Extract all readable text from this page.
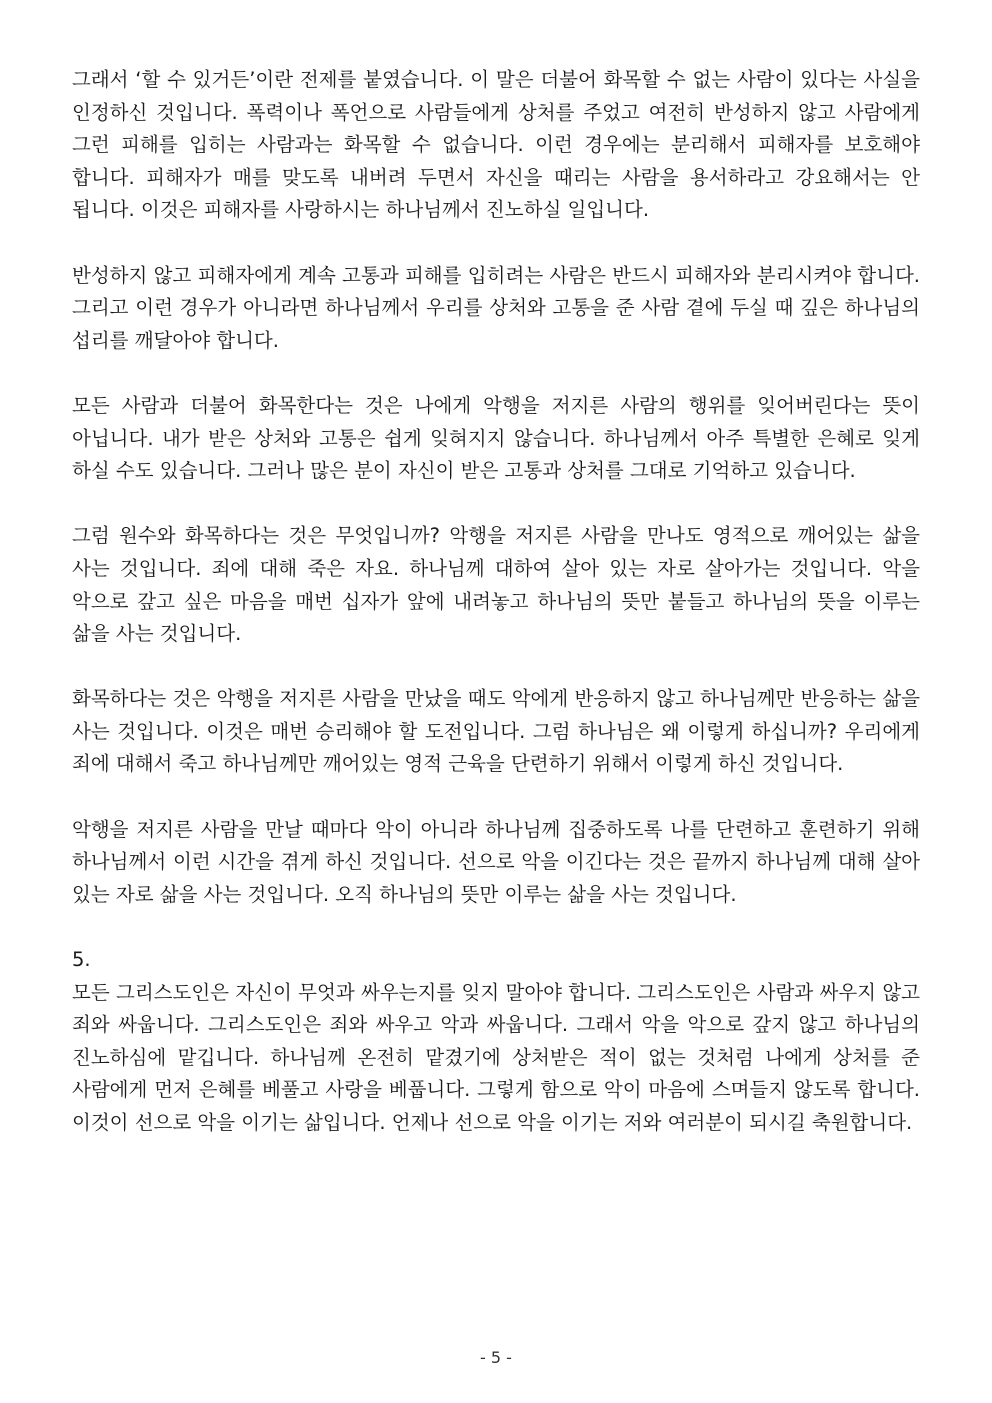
그래서 ‘할 수 있거든’이란 전제를 붙였습니다. 이 말은 더불어 화목할 수 없는 사람이 있다는 사실을 인정하신 것입니다. 폭력이나 폭언으로 사람들에게 상처를 주었고 여전히 반성하지 않고 사람에게 그런 피해를 입히는 사람과는 화목할 수 없습니다. 이런 경우에는 분리해서 피해자를 보호해야 합니다. 피해자가 매를 맞도록 내버려 두면서 자신을 때리는 사람을 용서하라고 강요해서는 안 됩니다. 이것은 피해자를 사랑하시는 하나님께서 진노하실 일입니다.

반성하지 않고 피해자에게 계속 고통과 피해를 입히려는 사람은 반드시 피해자와 분리시켜야 합니다. 그리고 이런 경우가 아니라면 하나님께서 우리를 상처와 고통을 준 사람 곁에 두실 때 깊은 하나님의 섭리를 깨달아야 합니다.

모든 사람과 더불어 화목한다는 것은 나에게 악행을 저지른 사람의 행위를 잊어버린다는 뜻이 아닙니다. 내가 받은 상처와 고통은 쉽게 잊혀지지 않습니다. 하나님께서 아주 특별한 은혜로 잊게 하실 수도 있습니다. 그러나 많은 분이 자신이 받은 고통과 상처를 그대로 기억하고 있습니다.

그럼 원수와 화목하다는 것은 무엇입니까? 악행을 저지른 사람을 만나도 영적으로 깨어있는 삶을 사는 것입니다. 죄에 대해 죽은 자요. 하나님께 대하여 살아 있는 자로 살아가는 것입니다. 악을 악으로 갚고 싶은 마음을 매번 십자가 앞에 내려놓고 하나님의 뜻만 붙들고 하나님의 뜻을 이루는 삶을 사는 것입니다.

화목하다는 것은 악행을 저지른 사람을 만났을 때도 악에게 반응하지 않고 하나님께만 반응하는 삶을 사는 것입니다. 이것은 매번 승리해야 할 도전입니다. 그럼 하나님은 왜 이렇게 하십니까? 우리에게 죄에 대해서 죽고 하나님께만 깨어있는 영적 근육을 단련하기 위해서 이렇게 하신 것입니다.

악행을 저지른 사람을 만날 때마다 악이 아니라 하나님께 집중하도록 나를 단련하고 훈련하기 위해 하나님께서 이런 시간을 겪게 하신 것입니다. 선으로 악을 이긴다는 것은 끝까지 하나님께 대해 살아 있는 자로 삶을 사는 것입니다. 오직 하나님의 뜻만 이루는 삶을 사는 것입니다.

5.

모든 그리스도인은 자신이 무엇과 싸우는지를 잊지 말아야 합니다. 그리스도인은 사람과 싸우지 않고 죄와 싸웁니다. 그리스도인은 죄와 싸우고 악과 싸웁니다. 그래서 악을 악으로 갚지 않고 하나님의 진노하심에 맡깁니다. 하나님께 온전히 맡겼기에 상처받은 적이 없는 것처럼 나에게 상처를 준 사람에게 먼저 은혜를 베풀고 사랑을 베풉니다. 그렇게 함으로 악이 마음에 스며들지 않도록 합니다. 이것이 선으로 악을 이기는 삶입니다. 언제나 선으로 악을 이기는 저와 여러분이 되시길 축원합니다.

- 5 -
